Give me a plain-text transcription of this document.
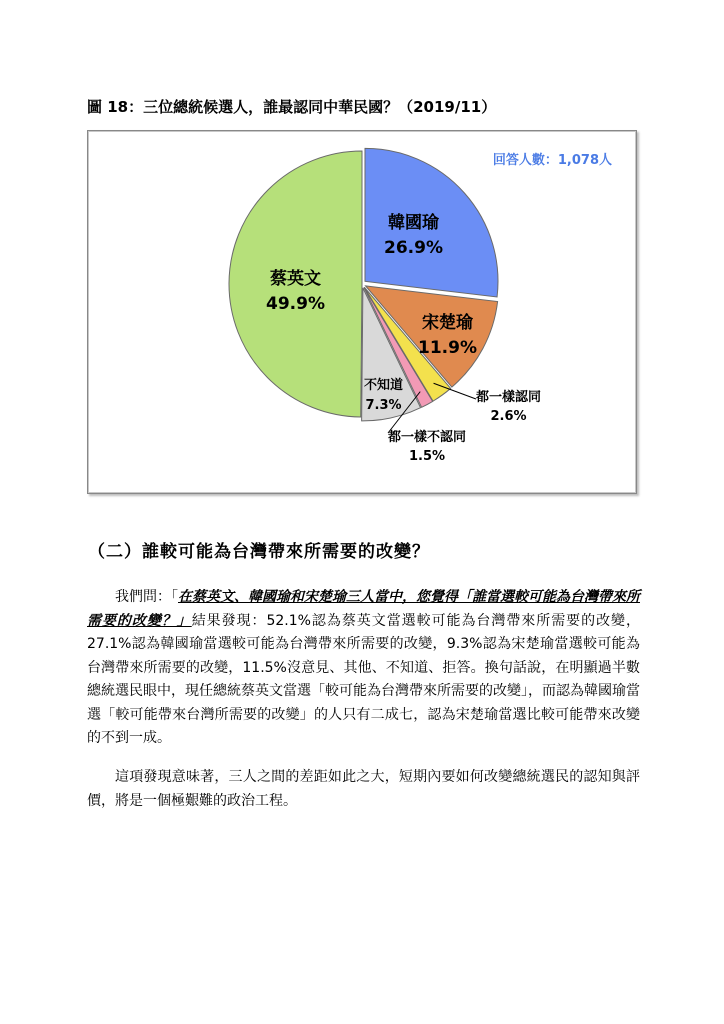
圖 18：三位總統候選人，誰最認同中華民國？（2019/11）
回答人數：1,078人
韓國瑜
26.9%
宋楚瑜
11.9%
蔡英文
49.9%
不知道
7.3%
都一樣認同
2.6%
都一樣不認同
1.5%
（二）誰較可能為台灣帶來所需要的改變？
我們問：「在蔡英文、韓國瑜和宋楚瑜三人當中，您覺得「誰當選較可能為台灣帶來所需要的改變？」結果發現：52.1%認為蔡英文當選較可能為台灣帶來所需要的改變，27.1%認為韓國瑜當選較可能為台灣帶來所需要的改變，9.3%認為宋楚瑜當選較可能為台灣帶來所需要的改變，11.5%沒意見、其他、不知道、拒答。換句話說，在明顯過半數總統選民眼中，現任總統蔡英文當選「較可能為台灣帶來所需要的改變」，而認為韓國瑜當選「較可能帶來台灣所需要的改變」的人只有二成七，認為宋楚瑜當選比較可能帶來改變的不到一成。
這項發現意味著，三人之間的差距如此之大，短期內要如何改變總統選民的認知與評價，將是一個極艱難的政治工程。
